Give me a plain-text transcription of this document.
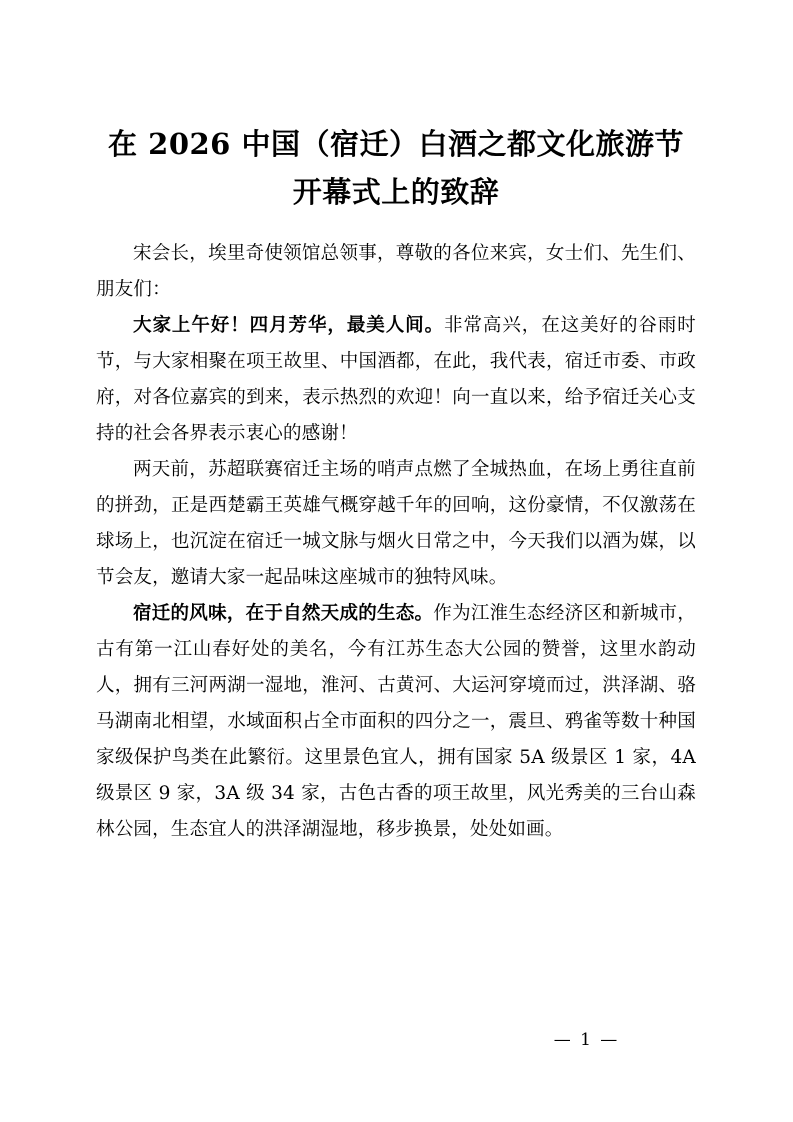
在 2026 中国（宿迁）白酒之都文化旅游节开幕式上的致辞

宋会长，埃里奇使领馆总领事，尊敬的各位来宾，女士们、先生们、朋友们：

大家上午好！四月芳华，最美人间。非常高兴，在这美好的谷雨时节，与大家相聚在项王故里、中国酒都，在此，我代表，宿迁市委、市政府，对各位嘉宾的到来，表示热烈的欢迎！向一直以来，给予宿迁关心支持的社会各界表示衷心的感谢！

两天前，苏超联赛宿迁主场的哨声点燃了全城热血，在场上勇往直前的拼劲，正是西楚霸王英雄气概穿越千年的回响，这份豪情，不仅激荡在球场上，也沉淀在宿迁一城文脉与烟火日常之中，今天我们以酒为媒，以节会友，邀请大家一起品味这座城市的独特风味。

宿迁的风味，在于自然天成的生态。作为江淮生态经济区和新城市，古有第一江山春好处的美名，今有江苏生态大公园的赞誉，这里水韵动人，拥有三河两湖一湿地，淮河、古黄河、大运河穿境而过，洪泽湖、骆马湖南北相望，水域面积占全市面积的四分之一，震旦、鸦雀等数十种国家级保护鸟类在此繁衍。这里景色宜人，拥有国家 5A 级景区 1 家，4A 级景区 9 家，3A 级 34 家，古色古香的项王故里，风光秀美的三台山森林公园，生态宜人的洪泽湖湿地，移步换景，处处如画。

— 1 —
